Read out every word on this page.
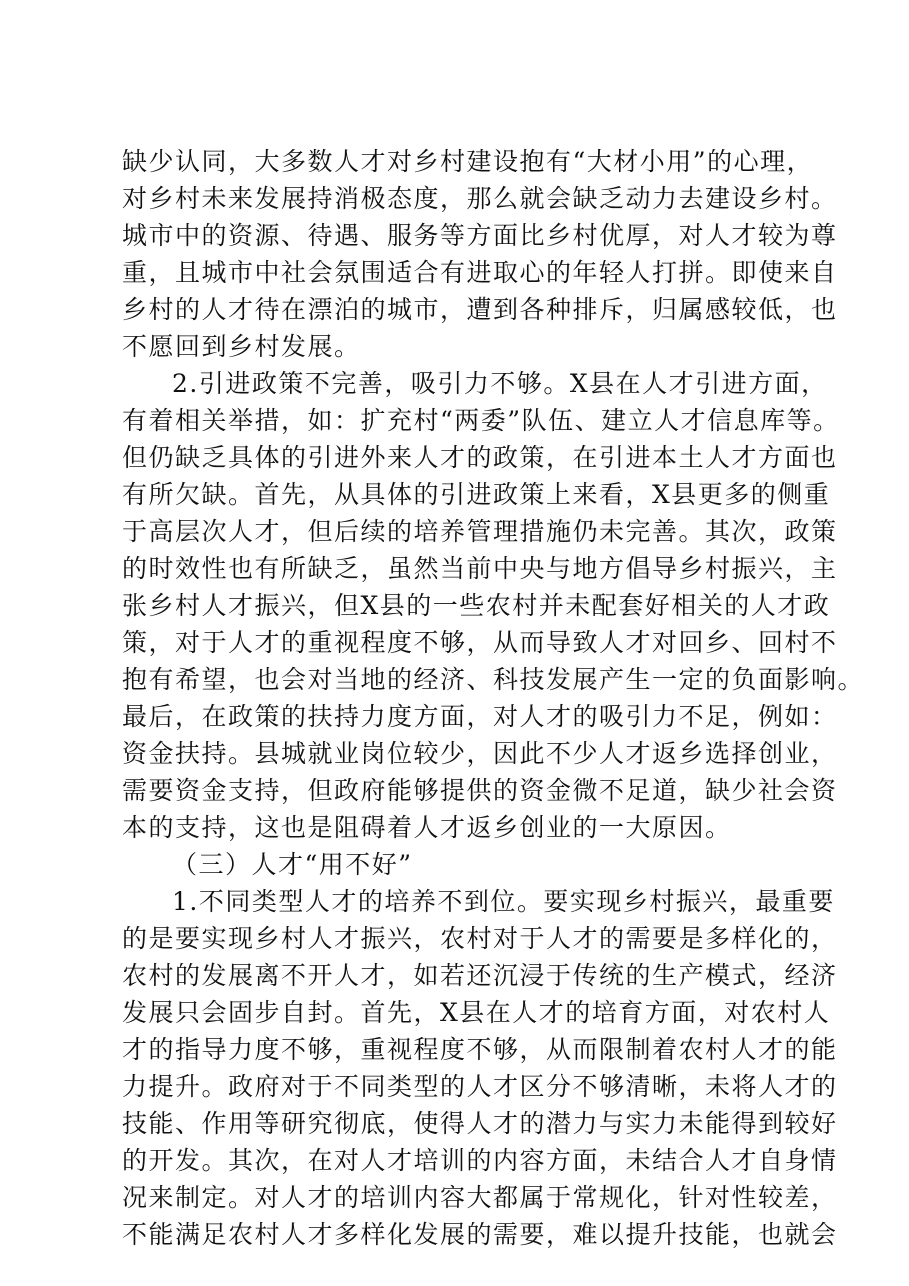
缺少认同，大多数人才对乡村建设抱有“大材小用”的心理，
对乡村未来发展持消极态度，那么就会缺乏动力去建设乡村。
城市中的资源、待遇、服务等方面比乡村优厚，对人才较为尊
重，且城市中社会氛围适合有进取心的年轻人打拼。即使来自
乡村的人才待在漂泊的城市，遭到各种排斥，归属感较低，也
不愿回到乡村发展。
2.引进政策不完善，吸引力不够。X县在人才引进方面，
有着相关举措，如：扩充村“两委”队伍、建立人才信息库等。
但仍缺乏具体的引进外来人才的政策，在引进本土人才方面也
有所欠缺。首先，从具体的引进政策上来看，X县更多的侧重
于高层次人才，但后续的培养管理措施仍未完善。其次，政策
的时效性也有所缺乏，虽然当前中央与地方倡导乡村振兴，主
张乡村人才振兴，但X县的一些农村并未配套好相关的人才政
策，对于人才的重视程度不够，从而导致人才对回乡、回村不
抱有希望，也会对当地的经济、科技发展产生一定的负面影响。
最后，在政策的扶持力度方面，对人才的吸引力不足，例如：
资金扶持。县城就业岗位较少，因此不少人才返乡选择创业，
需要资金支持，但政府能够提供的资金微不足道，缺少社会资
本的支持，这也是阻碍着人才返乡创业的一大原因。
（三）人才“用不好”
1.不同类型人才的培养不到位。要实现乡村振兴，最重要
的是要实现乡村人才振兴，农村对于人才的需要是多样化的，
农村的发展离不开人才，如若还沉浸于传统的生产模式，经济
发展只会固步自封。首先，X县在人才的培育方面，对农村人
才的指导力度不够，重视程度不够，从而限制着农村人才的能
力提升。政府对于不同类型的人才区分不够清晰，未将人才的
技能、作用等研究彻底，使得人才的潜力与实力未能得到较好
的开发。其次，在对人才培训的内容方面，未结合人才自身情
况来制定。对人才的培训内容大都属于常规化，针对性较差，
不能满足农村人才多样化发展的需要，难以提升技能，也就会
